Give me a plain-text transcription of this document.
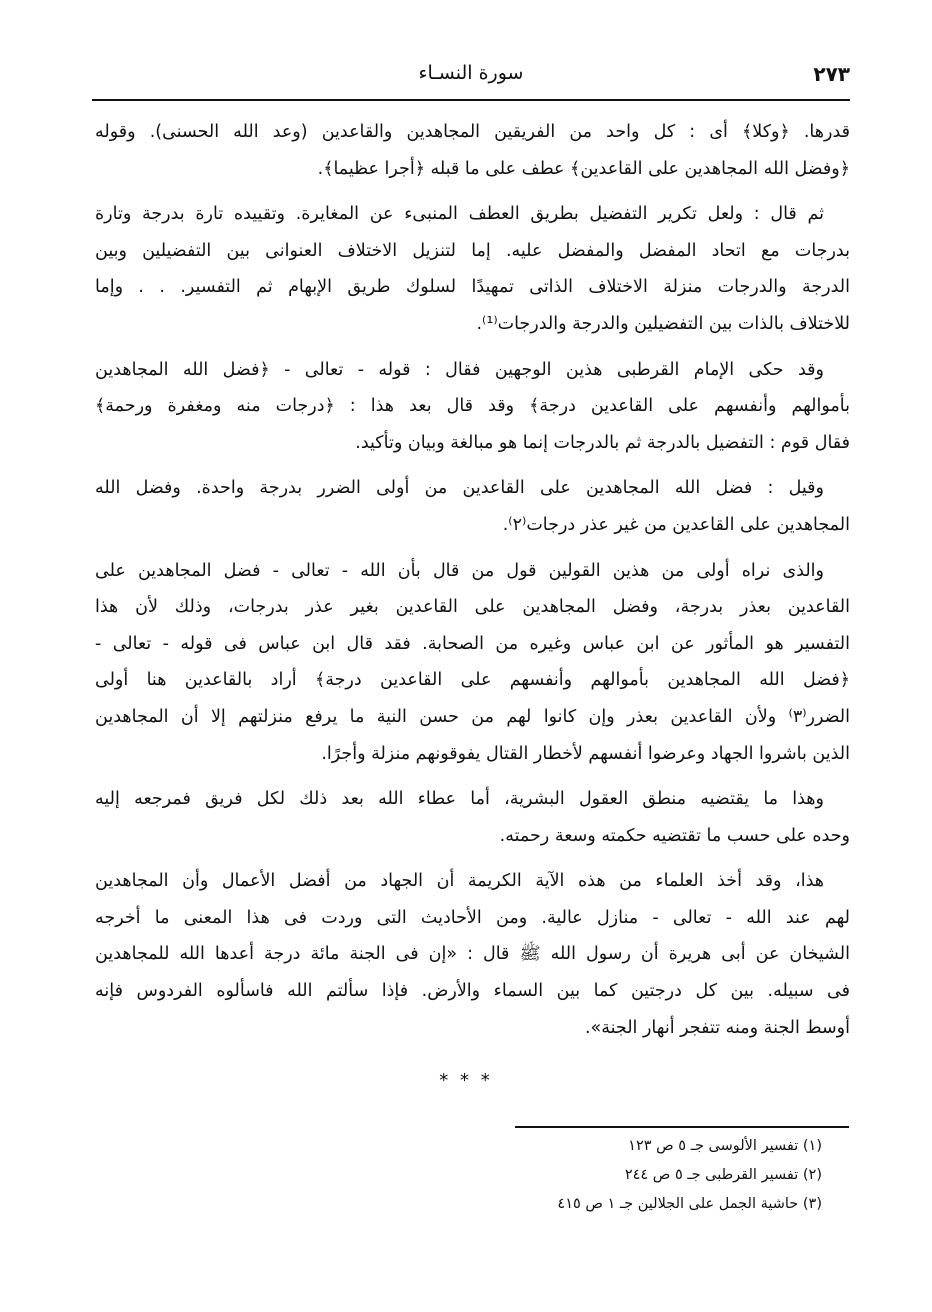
٢٧٣
سورة النسـاء
قدرها. ﴿وكلا﴾ أى : كل واحد من الفريقين المجاهدين والقاعدين (وعد الله الحسنى). وقوله
﴿وفضل الله المجاهدين على القاعدين﴾ عطف على ما قبله ﴿أجرا عظيما﴾.
ثم قال : ولعل تكرير التفضيل بطريق العطف المنبىء عن المغايرة. وتقييده تارة بدرجة وتارة
بدرجات مع اتحاد المفضل والمفضل عليه. إما لتنزيل الاختلاف العنوانى بين التفضيلين وبين
الدرجة والدرجات منزلة الاختلاف الذاتى تمهيدًا لسلوك طريق الإبهام ثم التفسير. . . وإما
للاختلاف بالذات بين التفضيلين والدرجة والدرجات⁽¹⁾.
وقد حكى الإمام القرطبى هذين الوجهين فقال : قوله - تعالى - ﴿فضل الله المجاهدين
بأموالهم وأنفسهم على القاعدين درجة﴾ وقد قال بعد هذا : ﴿درجات منه ومغفرة ورحمة﴾
فقال قوم : التفضيل بالدرجة ثم بالدرجات إنما هو مبالغة وبيان وتأكيد.
وقيل : فضل الله المجاهدين على القاعدين من أولى الضرر بدرجة واحدة. وفضل الله
المجاهدين على القاعدين من غير عذر درجات⁽٢⁾.
والذى نراه أولى من هذين القولين قول من قال بأن الله - تعالى - فضل المجاهدين على
القاعدين بعذر بدرجة، وفضل المجاهدين على القاعدين بغير عذر بدرجات، وذلك لأن هذا
التفسير هو المأثور عن ابن عباس وغيره من الصحابة. فقد قال ابن عباس فى قوله - تعالى -
﴿فضل الله المجاهدين بأموالهم وأنفسهم على القاعدين درجة﴾ أراد بالقاعدين هنا أولى
الضرر⁽٣⁾ ولأن القاعدين بعذر وإن كانوا لهم من حسن النية ما يرفع منزلتهم إلا أن المجاهدين
الذين باشروا الجهاد وعرضوا أنفسهم لأخطار القتال يفوقونهم منزلة وأجرًا.
وهذا ما يقتضيه منطق العقول البشرية، أما عطاء الله بعد ذلك لكل فريق فمرجعه إليه
وحده على حسب ما تقتضيه حكمته وسعة رحمته.
هذا، وقد أخذ العلماء من هذه الآية الكريمة أن الجهاد من أفضل الأعمال وأن المجاهدين
لهم عند الله - تعالى - منازل عالية. ومن الأحاديث التى وردت فى هذا المعنى ما أخرجه
الشيخان عن أبى هريرة أن رسول الله ﷺ قال : «إن فى الجنة مائة درجة أعدها الله للمجاهدين
فى سبيله. بين كل درجتين كما بين السماء والأرض. فإذا سألتم الله فاسألوه الفردوس فإنه
أوسط الجنة ومنه تتفجر أنهار الجنة».
* * *
(١) تفسير الألوسى جـ ٥ ص ١٢٣
(٢) تفسير القرطبى جـ ٥ ص ٢٤٤
(٣) حاشية الجمل على الجلالين جـ ١ ص ٤١٥
